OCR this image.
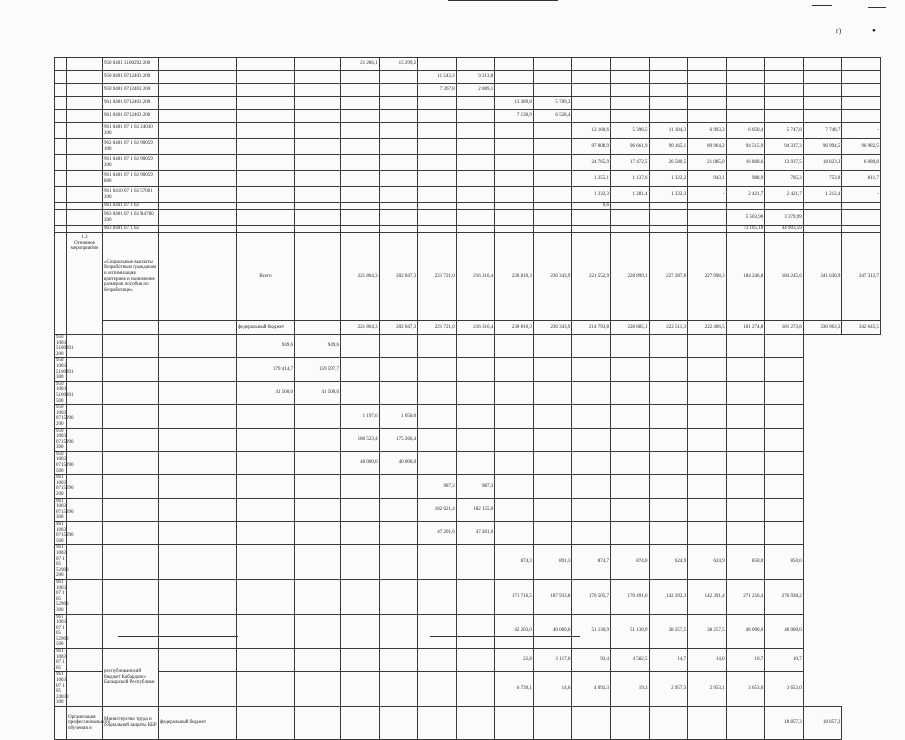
г)	•
		950 0401 5100292 200				21 286,1	15 299,2												
		950 0401 0712403 200						11 543,3	9 313,8										
		950 0401 0712403 200						7 267,8	2 089,1										
		961 0401 0712403 200								13 389,8	5 789,3								
		961 0401 0712403 200								7 130,9	6 528,4								
		961 0401 07 1 02 24030 200										12 160,6	5 396,5	11 184,3	6 993,3	6 050,4	5 747,8	7 748,7	-
		962 0401 07 1 02 90059 100										97 008,9	96 661,9	90 165,1	89 964,2	94 515,9	94 337,3	96 994,5	96 982,5
		961 0401 07 1 02 90059 200										24 765,9	17 472,5	26 580,5	21 085,0	16 868,6	13 937,5	18 823,3	6 080,8
		961 0401 07 1 02 90059 800										1 255,1	1 137,6	1 322,2	943,1	988,9	705,3	753,8	811,7
		961 0410 07 1 02 57001 200										1 332,3	1 281,4	1 332,3	-	2 421,7	2 421,7	1 212,4	-
		961 0401 07 1 02										0,6							
		963 0401 07 1 02 R4780 200														5 503,90	3 379,99		
		963 0401 07 1 02														73 105,10	44 903,59		

	1.2
Основное мероприятие	«Социальные выплаты безработным гражданам и оптимизация критериев и назначение размеров пособия по безработице»		Всего		221 864,3	202 047,3	221 721,0	216 316,4	230 810,3	230 343,9	221 552,9	228 899,1	227 287,0	227 098,3	184 246,8	184 245,6	341 630,9	347 312,7
				федеральный бюджет		221 864,3	202 047,3	221 721,0	216 316,4	230 810,3	230 343,9	214 793,8	228 885,1	222 511,3	222 406,5	181 274,8	181 273,8	336 963,3	342 645,5
950 1003 5100201 200				949,6	949,6														
950 1003 5100201 300				179 414,7	159 597,7														
950 1003 5100201 500				41 500,0	41 500,0														
950 1003 0715290 200						1 197,6	1 050,0												
950 1003 0715290 300						180 523,4	175 266,4												
950 1003 0715290 500						40 000,0	40 000,0												
961 1003 0715290 200								987,3	987,3										
961 1003 0715290 300								182 621,4	182 155,0										
961 1003 0715290 500								47 201,6	47 201,6										
961 1003 07 1 05 52900 200										874,3	891,3	874,7	874,0	624,9	624,9	850,0	850,0		
961 1003 07 1 05 52900 300										171 716,5	187 933,8	170 505,7	170 491,6	142 392,3	142 391,4	271 256,4	276 938,2		
961 1003 07 1 05 52900 500										42 203,0	40 060,0	51 130,9	51 130,9	38 257,5	38 257,5	46 000,0	46 000,0		
961 1003 07 1 05		республиканский бюджет Кабардино-Балкарской Республики								22,8	3 117,6	93,4	4 582,5	14,7	14,0	10,7	10,7		
961 1003 07 1 05 24030 300										6 739,1	14,6	4 092,3	19,3	2 957,3	2 953,1	3 653,0	3 653,0		
	Организация профессионального обучения и	Министерство труда и социальной защиты КБР	федеральный бюджет														18 857,3	18 857,3	
